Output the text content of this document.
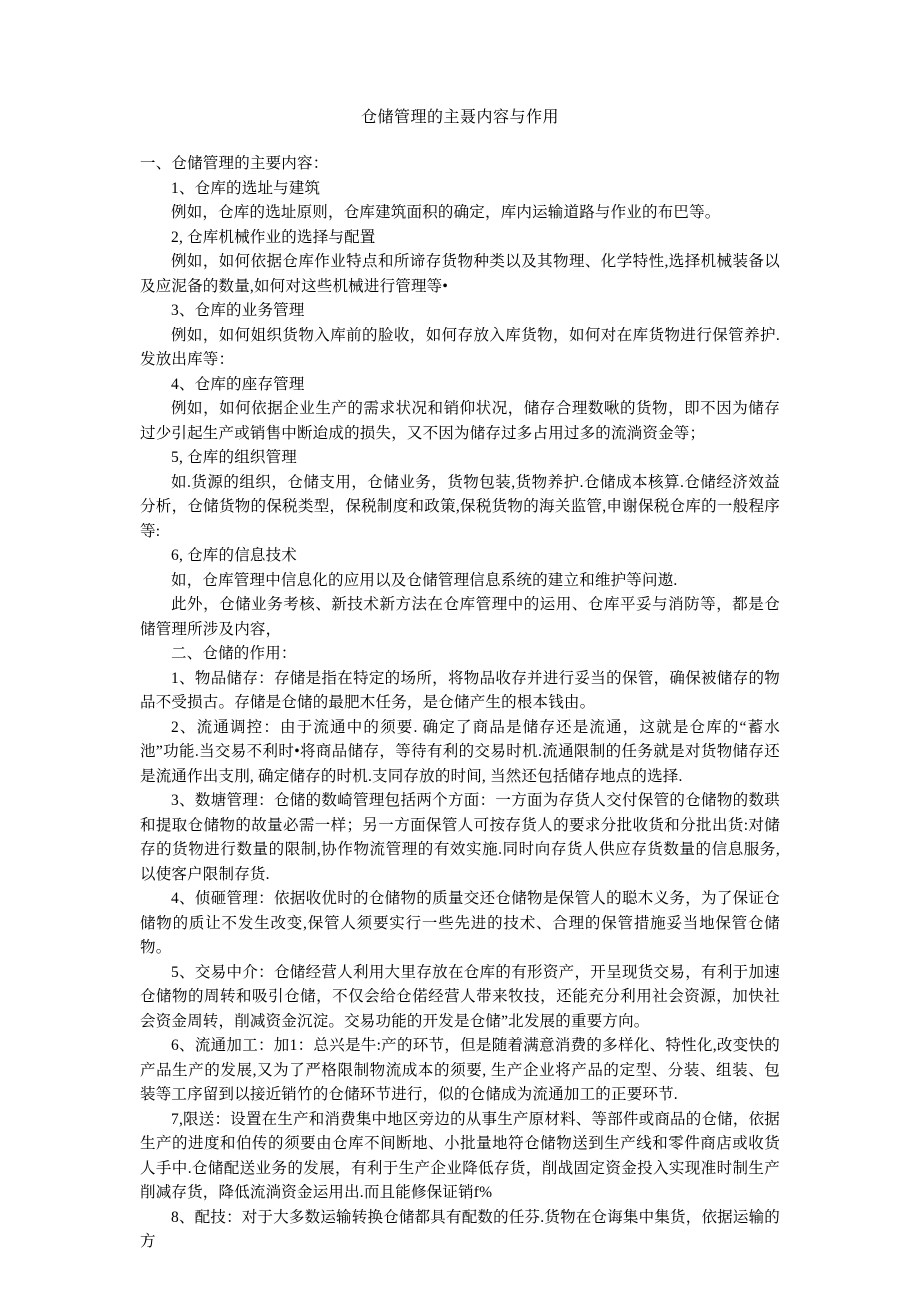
仓储管理的主聂内容与作用

一、仓储管理的主要内容：

1、仓库的选址与建筑

例如，仓库的选址原则，仓库建筑面积的确定，库内运输道路与作业的布巴等。

2, 仓库机械作业的选择与配置

例如，如何依据仓库作业特点和所谛存货物种类以及其物理、化学特性,选择机械装备以及应泥备的数量,如何对这些机械进行管理等•

3、仓库的业务管理

例如，如何姐织货物入库前的脸收，如何存放入库货物，如何对在库货物进行保管养护.发放出库等：

4、仓库的座存管理

例如，如何依据企业生产的需求状况和销仰状况，储存合理数啾的货物，即不因为储存过少引起生产或销售中断迨成的损失，又不因为储存过多占用过多的流淌资金等；

5, 仓库的组织管理

如.货源的组织，仓储支用，仓储业务，货物包装,货物养护.仓储成本核算.仓储经济效益分析，仓储货物的保税类型，保税制度和政策,保税货物的海关监管,申谢保税仓库的一般程序等:

6, 仓库的信息技术

如，仓库管理中信息化的应用以及仓储管理信息系统的建立和维护等问遨.

此外，仓储业务考核、新技术新方法在仓库管理中的运用、仓库平妥与消防等，都是仓储管理所涉及内容，

二、仓储的作用：

1、物品储存：存储是指在特定的场所，将物品收存并进行妥当的保管，确保被储存的物品不受损古。存储是仓储的最肥木任务，是仓储产生的根本钱由。

2、流通调控：由于流通中的须要. 确定了商品是储存还是流通，这就是仓库的“蓄水池”功能.当交易不利时•将商品储存，等待有利的交易时机.流通限制的任务就是对货物储存还是流通作出支刖, 确定储存的时机.支同存放的时间, 当然还包括储存地点的选择.

3、数塘管理：仓储的数崎管理包括两个方面：一方面为存货人交付保管的仓储物的数珙和提取仓储物的故量必需一样；另一方面保管人可按存货人的要求分批收货和分批出货:对储存的货物进行数量的限制,协作物流管理的有效实施.同时向存货人供应存货数量的信息服务,以使客户限制存货.

4、侦砸管理：依据收优时的仓储物的质量交还仓储物是保管人的聪木义务，为了保证仓储物的质让不发生改变,保管人须要实行一些先进的技术、合理的保管措施妥当地保管仓储物。

5、交易中介：仓储经营人利用大里存放在仓库的有形资产，开呈现货交易，有利于加速仓储物的周转和吸引仓储，不仅会给仓偌经营人带来牧技，还能充分利用社会资源，加快社会资金周转，削减资金沉淀。交易功能的开发是仓储”北发展的重要方向。

6、流通加工：加1：总兴是牛:产的环节，但是随着满意消费的多样化、特性化,改变快的产品生产的发展,又为了严格限制物流成本的须要, 生产企业将产品的定型、分装、组装、包装等工序留到以接近销竹的仓储环节进行，似的仓储成为流通加工的正要环节.

7,限送：设置在生产和消费集中地区旁边的从事生产原材料、等部件或商品的仓储，依据生产的进度和伯传的须要由仓库不间断地、小批量地符仓储物送到生产线和零件商店或收货人手中.仓储配送业务的发展，有利于生产企业降低存货，削战固定资金投入实现准时制生产削减存货，降低流淌资金运用出.而且能修保证销f%

8、配技：对于大多数运输转换仓储都具有配数的任芬.货物在仓诲集中集货，依据运输的方
